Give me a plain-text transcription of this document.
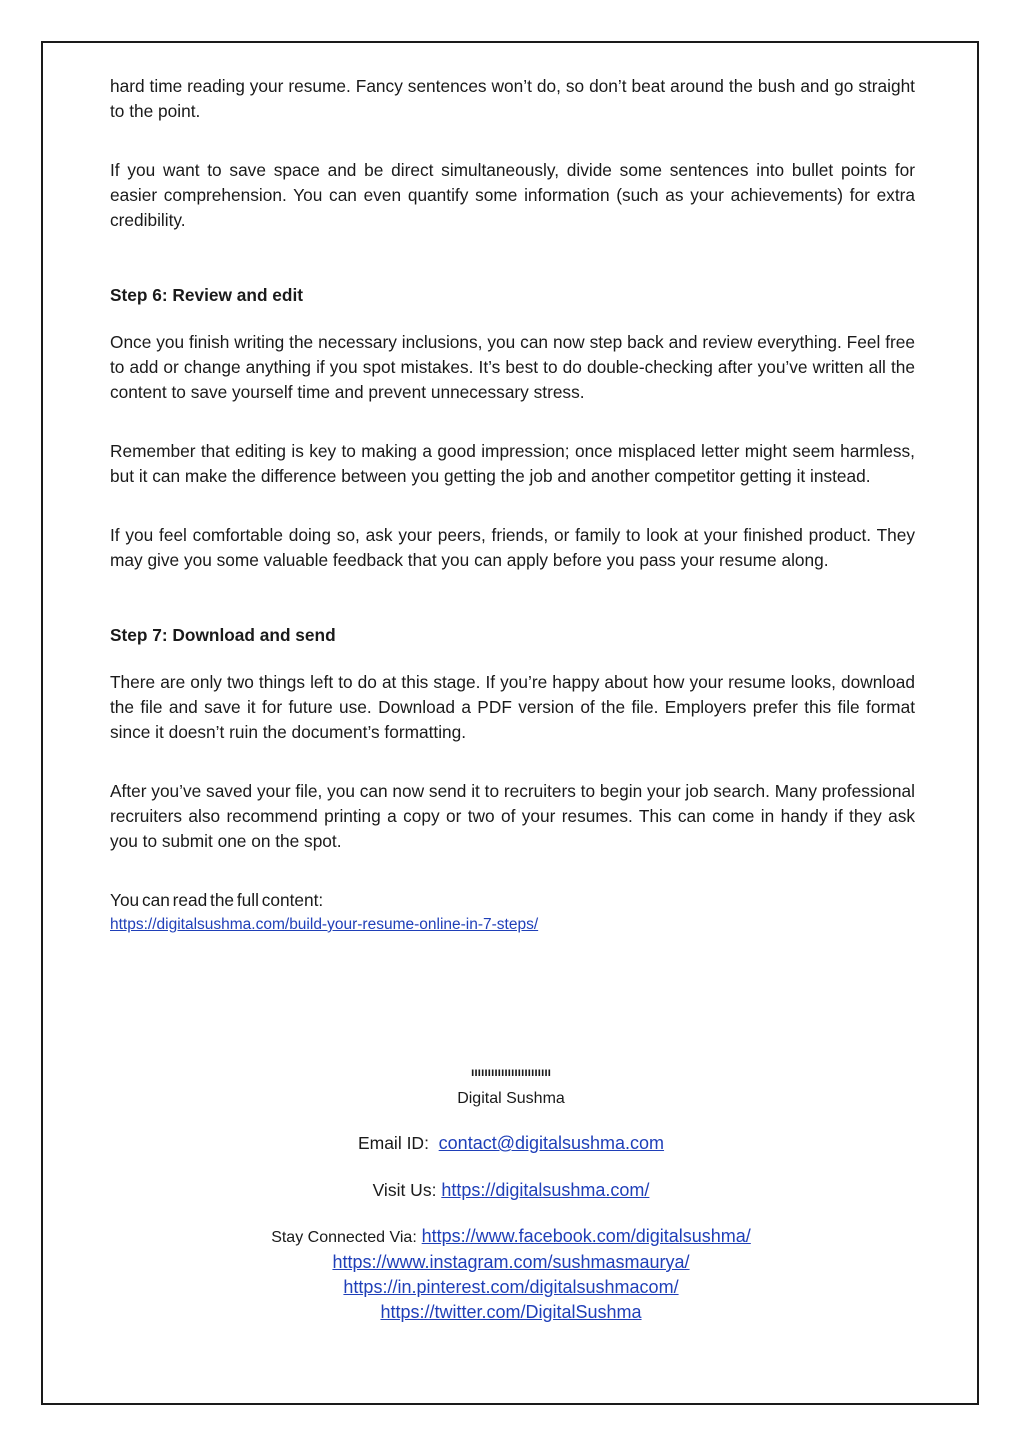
hard time reading your resume. Fancy sentences won’t do, so don’t beat around the bush and go straight to the point.

If you want to save space and be direct simultaneously, divide some sentences into bullet points for easier comprehension. You can even quantify some information (such as your achievements) for extra credibility.

Step 6: Review and edit

Once you finish writing the necessary inclusions, you can now step back and review everything. Feel free to add or change anything if you spot mistakes. It’s best to do double-checking after you’ve written all the content to save yourself time and prevent unnecessary stress.

Remember that editing is key to making a good impression; once misplaced letter might seem harmless, but it can make the difference between you getting the job and another competitor getting it instead.

If you feel comfortable doing so, ask your peers, friends, or family to look at your finished product. They may give you some valuable feedback that you can apply before you pass your resume along.

Step 7: Download and send

There are only two things left to do at this stage. If you’re happy about how your resume looks, download the file and save it for future use. Download a PDF version of the file. Employers prefer this file format since it doesn’t ruin the document’s formatting.

After you’ve saved your file, you can now send it to recruiters to begin your job search. Many professional recruiters also recommend printing a copy or two of your resumes. This can come in handy if they ask you to submit one on the spot.

You can read the full content:

https://digitalsushma.com/build-your-resume-online-in-7-steps/

ıııııııııııııııııııııııı
Digital Sushma
Email ID: contact@digitalsushma.com
Visit Us: https://digitalsushma.com/
Stay Connected Via: https://www.facebook.com/digitalsushma/
https://www.instagram.com/sushmasmaurya/
https://in.pinterest.com/digitalsushmacom/
https://twitter.com/DigitalSushma
